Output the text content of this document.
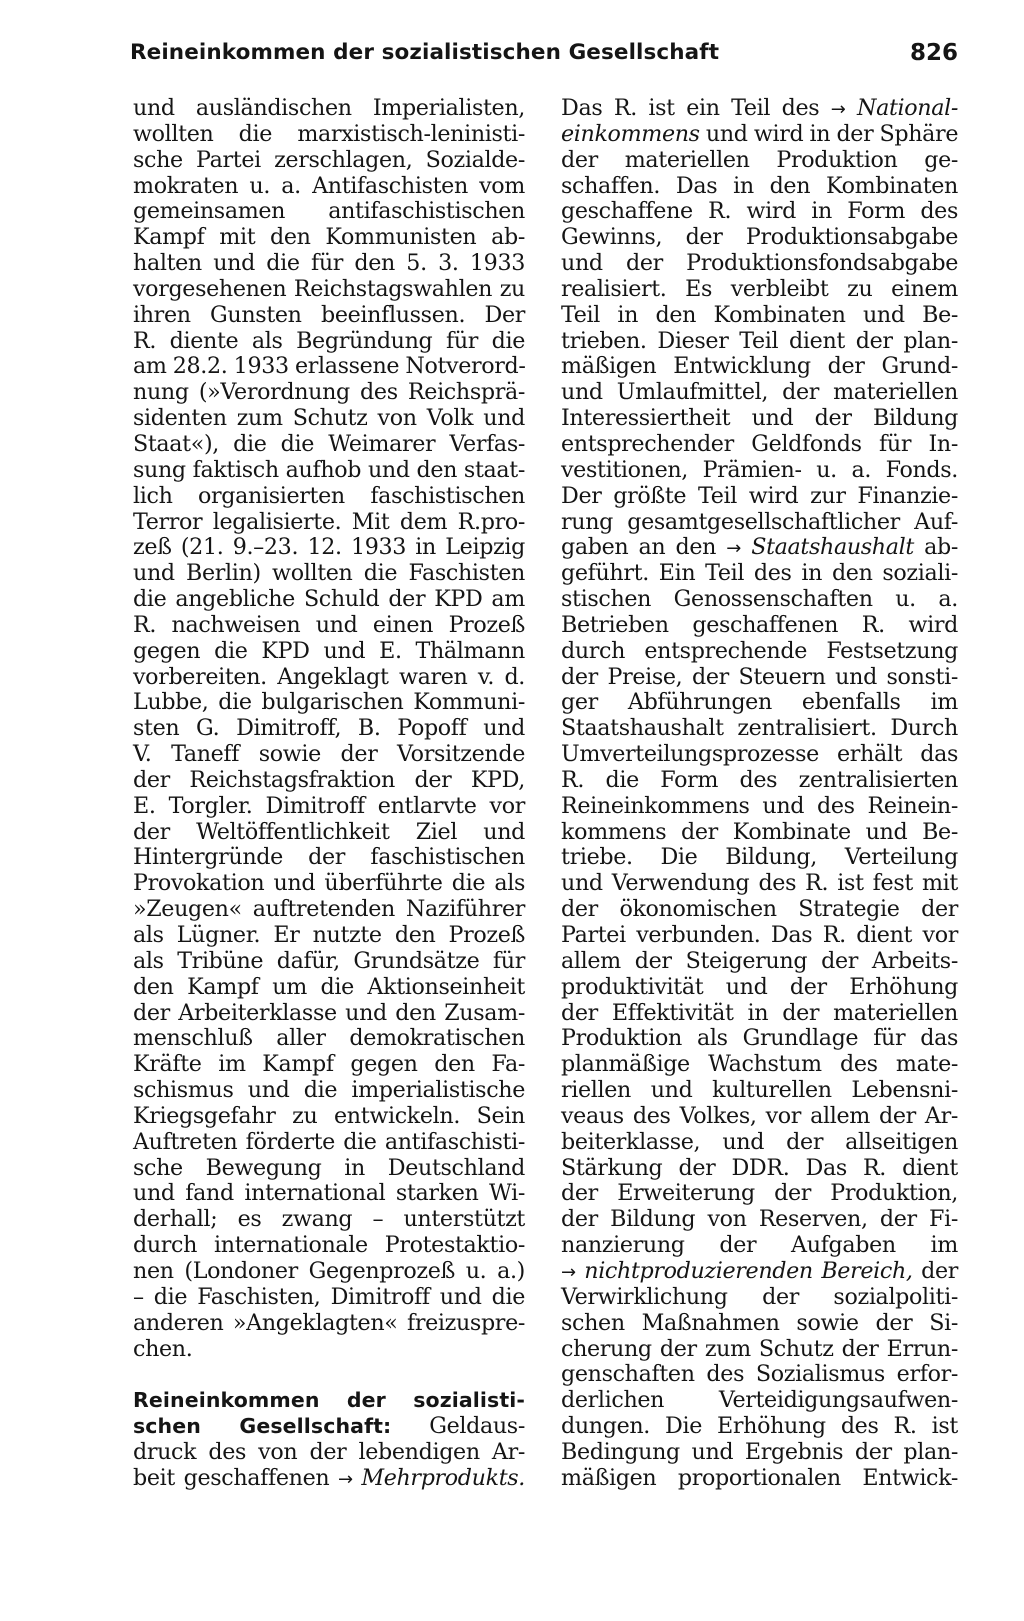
Reineinkommen der sozialistischen Gesellschaft	826
und ausländischen Imperialisten,
wollten die marxistisch-leninisti-
sche Partei zerschlagen, Sozialde-
mokraten u. a. Antifaschisten vom
gemeinsamen antifaschistischen
Kampf mit den Kommunisten ab-
halten und die für den 5. 3. 1933
vorgesehenen Reichstagswahlen zu
ihren Gunsten beeinflussen. Der
R. diente als Begründung für die
am 28.2. 1933 erlassene Notverord-
nung (»Verordnung des Reichsprä-
sidenten zum Schutz von Volk und
Staat«), die die Weimarer Verfas-
sung faktisch aufhob und den staat-
lich organisierten faschistischen
Terror legalisierte. Mit dem R.pro-
zeß (21. 9.–23. 12. 1933 in Leipzig
und Berlin) wollten die Faschisten
die angebliche Schuld der KPD am
R. nachweisen und einen Prozeß
gegen die KPD und E. Thälmann
vorbereiten. Angeklagt waren v. d.
Lubbe, die bulgarischen Kommuni-
sten G. Dimitroff, B. Popoff und
V. Taneff sowie der Vorsitzende
der Reichstagsfraktion der KPD,
E. Torgler. Dimitroff entlarvte vor
der Weltöffentlichkeit Ziel und
Hintergründe der faschistischen
Provokation und überführte die als
»Zeugen« auftretenden Naziführer
als Lügner. Er nutzte den Prozeß
als Tribüne dafür, Grundsätze für
den Kampf um die Aktionseinheit
der Arbeiterklasse und den Zusam-
menschluß aller demokratischen
Kräfte im Kampf gegen den Fa-
schismus und die imperialistische
Kriegsgefahr zu entwickeln. Sein
Auftreten förderte die antifaschisti-
sche Bewegung in Deutschland
und fand international starken Wi-
derhall; es zwang – unterstützt
durch internationale Protestaktio-
nen (Londoner Gegenprozeß u. a.)
– die Faschisten, Dimitroff und die
anderen »Angeklagten« freizuspre-
chen.
Reineinkommen der sozialisti-
schen Gesellschaft: Geldaus-
druck des von der lebendigen Ar-
beit geschaffenen → Mehrprodukts.
Das R. ist ein Teil des → National-
einkommens und wird in der Sphäre
der materiellen Produktion ge-
schaffen. Das in den Kombinaten
geschaffene R. wird in Form des
Gewinns, der Produktionsabgabe
und der Produktionsfondsabgabe
realisiert. Es verbleibt zu einem
Teil in den Kombinaten und Be-
trieben. Dieser Teil dient der plan-
mäßigen Entwicklung der Grund-
und Umlaufmittel, der materiellen
Interessiertheit und der Bildung
entsprechender Geldfonds für In-
vestitionen, Prämien- u. a. Fonds.
Der größte Teil wird zur Finanzie-
rung gesamtgesellschaftlicher Auf-
gaben an den → Staatshaushalt ab-
geführt. Ein Teil des in den soziali-
stischen Genossenschaften u. a.
Betrieben geschaffenen R. wird
durch entsprechende Festsetzung
der Preise, der Steuern und sonsti-
ger Abführungen ebenfalls im
Staatshaushalt zentralisiert. Durch
Umverteilungsprozesse erhält das
R. die Form des zentralisierten
Reineinkommens und des Reinein-
kommens der Kombinate und Be-
triebe. Die Bildung, Verteilung
und Verwendung des R. ist fest mit
der ökonomischen Strategie der
Partei verbunden. Das R. dient vor
allem der Steigerung der Arbeits-
produktivität und der Erhöhung
der Effektivität in der materiellen
Produktion als Grundlage für das
planmäßige Wachstum des mate-
riellen und kulturellen Lebensni-
veaus des Volkes, vor allem der Ar-
beiterklasse, und der allseitigen
Stärkung der DDR. Das R. dient
der Erweiterung der Produktion,
der Bildung von Reserven, der Fi-
nanzierung der Aufgaben im
→ nichtproduzierenden Bereich, der
Verwirklichung der sozialpoliti-
schen Maßnahmen sowie der Si-
cherung der zum Schutz der Errun-
genschaften des Sozialismus erfor-
derlichen Verteidigungsaufwen-
dungen. Die Erhöhung des R. ist
Bedingung und Ergebnis der plan-
mäßigen proportionalen Entwick-
